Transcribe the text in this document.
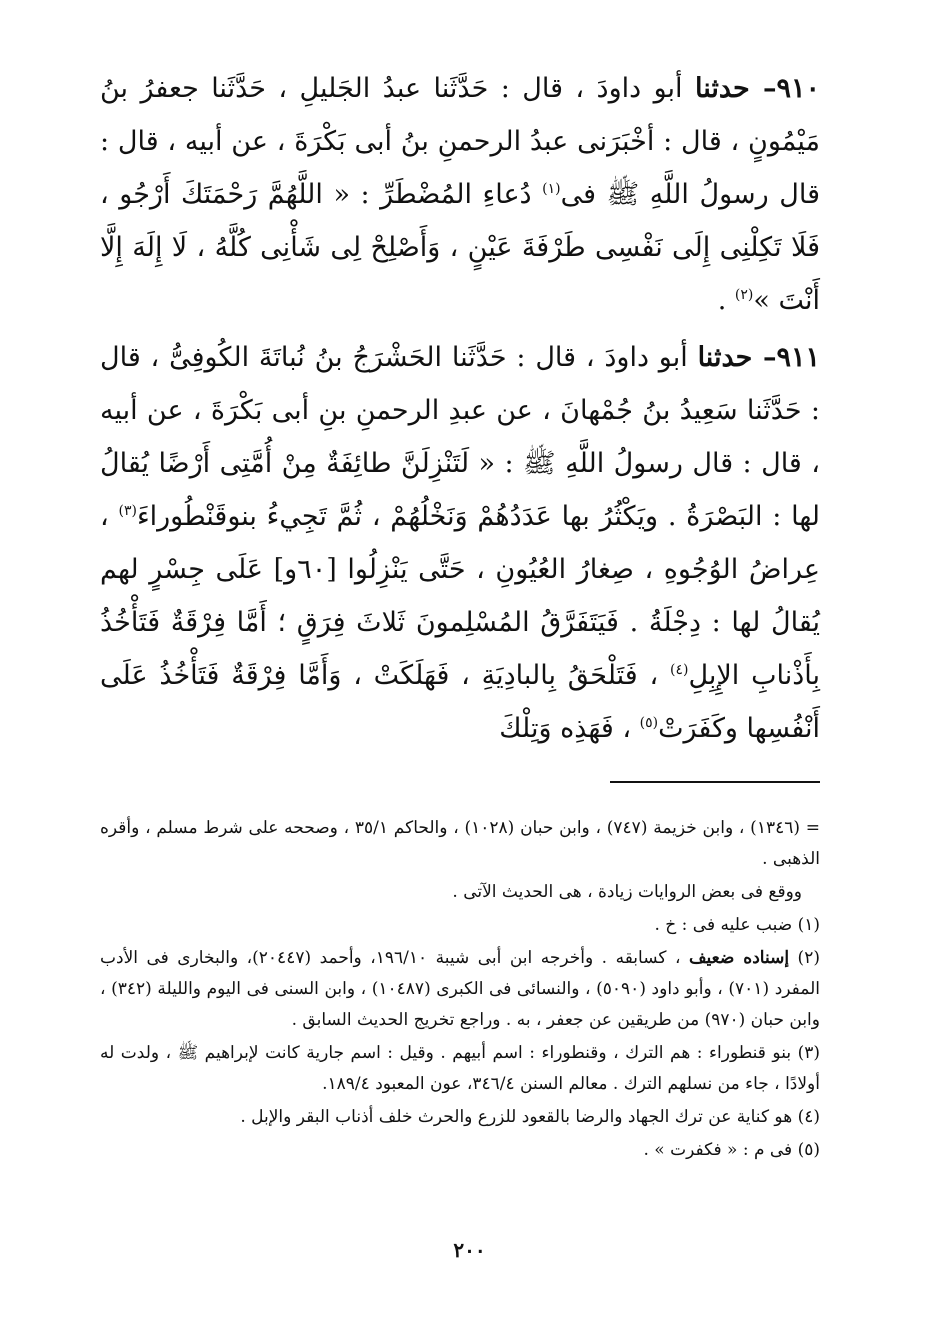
٩١٠– حدثنا أبو داودَ ، قال : حَدَّثَنا عبدُ الجَليلِ ، حَدَّثَنا جعفرُ بنُ مَيْمُونٍ ، قال : أخْبَرَنى عبدُ الرحمنِ بنُ أبى بَكْرَةَ ، عن أبيه ، قال : قال رسولُ اللَّهِ ﷺ فى$^{(١)}$ دُعاءِ المُضْطَرِّ : « اللَّهُمَّ رَحْمَتَكَ أَرْجُو ، فَلَا تَكِلْنِى إِلَى نَفْسِى طَرْفَةَ عَيْنٍ ، وَأَصْلِحْ لِى شَأْنِى كُلَّهُ ، لَا إِلَهَ إِلَّا أَنْتَ »$^{(٢)}$ .

٩١١– حدثنا أبو داودَ ، قال : حَدَّثَنا الحَشْرَجُ بنُ نُباتَةَ الكُوفِىُّ ، قال : حَدَّثَنا سَعِيدُ بنُ جُمْهانَ ، عن عبدِ الرحمنِ بنِ أبى بَكْرَةَ ، عن أبيه ، قال : قال رسولُ اللَّهِ ﷺ : « لَتَنْزِلَنَّ طائِفَةٌ مِنْ أُمَّتِى أَرْضًا يُقالُ لها : البَصْرَةُ . ويَكْثُرُ بها عَدَدُهُمْ وَنَخْلُهُمْ ، ثُمَّ تَجِيءُ بنوقَنْطُوراءَ$^{(٣)}$ ، عِراضُ الوُجُوهِ ، صِغارُ العُيُونِ ، حَتَّى يَنْزِلُوا [٦٠و] عَلَى جِسْرٍ لهم يُقالُ لها : دِجْلَةُ . فَيَتَفَرَّقُ المُسْلِمونَ ثَلاثَ فِرَقٍ ؛ أَمَّا فِرْقَةٌ فَتَأْخُذُ بِأَذْنابِ الإِبِلِ$^{(٤)}$ ، فَتَلْحَقُ بِالبادِيَةِ ، فَهَلَكَتْ ، وَأَمَّا فِرْقَةٌ فَتَأْخُذُ عَلَى أَنْفُسِها وكَفَرَتْ$^{(٥)}$ ، فَهَذِه وَتِلْكَ

= (١٣٤٦) ، وابن خزيمة (٧٤٧) ، وابن حبان (١٠٢٨) ، والحاكم ٣٥/١ ، وصححه على شرط مسلم ، وأقره الذهبى .

ووقع فى بعض الروايات زيادة ، هى الحديث الآتى .

(١) ضبب عليه فى : خ .

(٢) إسناده ضعيف ، كسابقه . وأخرجه ابن أبى شيبة ١٩٦/١٠، وأحمد (٢٠٤٤٧)، والبخارى فى الأدب المفرد (٧٠١) ، وأبو داود (٥٠٩٠) ، والنسائى فى الكبرى (١٠٤٨٧) ، وابن السنى فى اليوم والليلة (٣٤٢) ، وابن حبان (٩٧٠) من طريقين عن جعفر ، به . وراجع تخريج الحديث السابق .

(٣) بنو قنطوراء : هم الترك ، وقنطوراء : اسم أبيهم . وقيل : اسم جارية كانت لإبراهيم ﷺ ، ولدت له أولادًا ، جاء من نسلهم الترك . معالم السنن ٣٤٦/٤، عون المعبود ١٨٩/٤.

(٤) هو كناية عن ترك الجهاد والرضا بالقعود للزرع والحرث خلف أذناب البقر والإبل .

(٥) فى م : « فكفرت » .

٢٠٠
